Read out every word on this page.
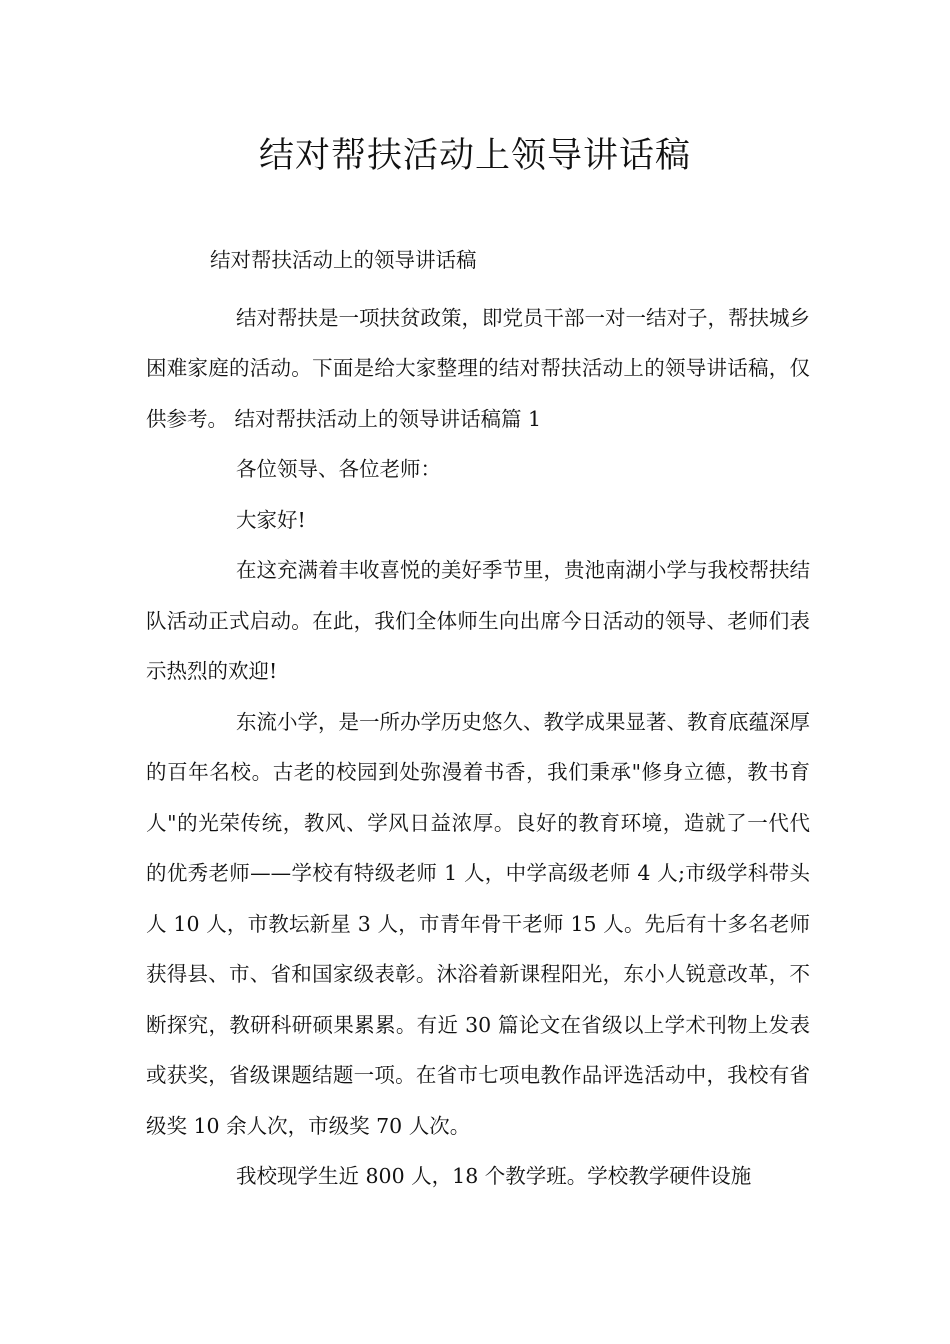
结对帮扶活动上领导讲话稿

结对帮扶活动上的领导讲话稿

结对帮扶是一项扶贫政策，即党员干部一对一结对子，帮扶城乡困难家庭的活动。下面是给大家整理的结对帮扶活动上的领导讲话稿，仅供参考。 结对帮扶活动上的领导讲话稿篇 1

各位领导、各位老师：

大家好!

在这充满着丰收喜悦的美好季节里，贵池南湖小学与我校帮扶结队活动正式启动。在此，我们全体师生向出席今日活动的领导、老师们表示热烈的欢迎!

东流小学，是一所办学历史悠久、教学成果显著、教育底蕴深厚的百年名校。古老的校园到处弥漫着书香，我们秉承"修身立德，教书育人"的光荣传统，教风、学风日益浓厚。良好的教育环境，造就了一代代的优秀老师——学校有特级老师 1 人，中学高级老师 4 人;市级学科带头人 10 人，市教坛新星 3 人，市青年骨干老师 15 人。先后有十多名老师获得县、市、省和国家级表彰。沐浴着新课程阳光，东小人锐意改革，不断探究，教研科研硕果累累。有近 30 篇论文在省级以上学术刊物上发表或获奖，省级课题结题一项。在省市七项电教作品评选活动中，我校有省级奖 10 余人次，市级奖 70 人次。

我校现学生近 800 人，18 个教学班。学校教学硬件设施
